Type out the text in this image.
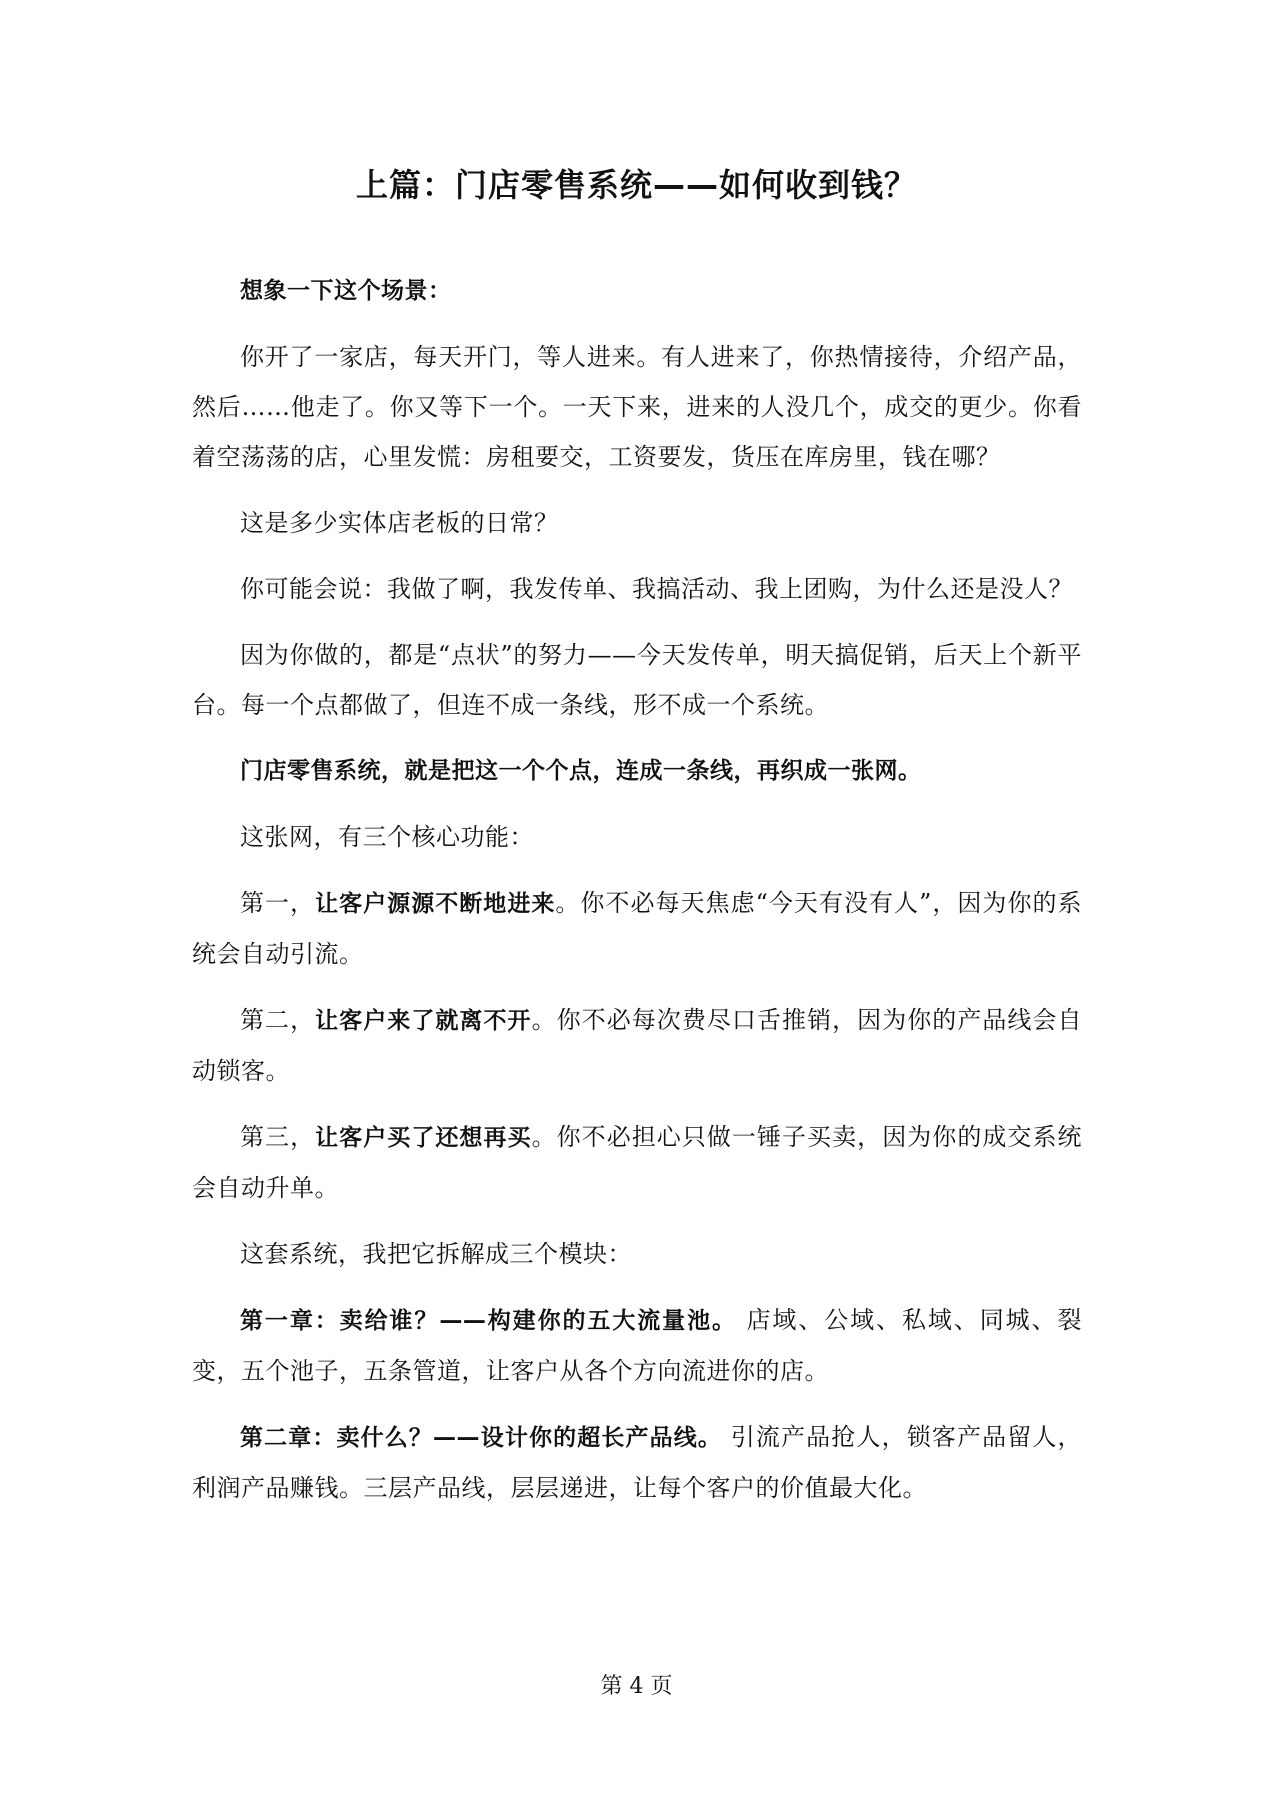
上篇：门店零售系统——如何收到钱？

想象一下这个场景：

你开了一家店，每天开门，等人进来。有人进来了，你热情接待，介绍产品，然后……他走了。你又等下一个。一天下来，进来的人没几个，成交的更少。你看着空荡荡的店，心里发慌：房租要交，工资要发，货压在库房里，钱在哪？

这是多少实体店老板的日常？

你可能会说：我做了啊，我发传单、我搞活动、我上团购，为什么还是没人？

因为你做的，都是“点状”的努力——今天发传单，明天搞促销，后天上个新平台。每一个点都做了，但连不成一条线，形不成一个系统。

门店零售系统，就是把这一个个点，连成一条线，再织成一张网。

这张网，有三个核心功能：

第一，让客户源源不断地进来。你不必每天焦虑“今天有没有人”，因为你的系统会自动引流。

第二，让客户来了就离不开。你不必每次费尽口舌推销，因为你的产品线会自动锁客。

第三，让客户买了还想再买。你不必担心只做一锤子买卖，因为你的成交系统会自动升单。

这套系统，我把它拆解成三个模块：

第一章：卖给谁？——构建你的五大流量池。 店域、公域、私域、同城、裂变，五个池子，五条管道，让客户从各个方向流进你的店。

第二章：卖什么？——设计你的超长产品线。 引流产品抢人，锁客产品留人，利润产品赚钱。三层产品线，层层递进，让每个客户的价值最大化。

第 4 页
